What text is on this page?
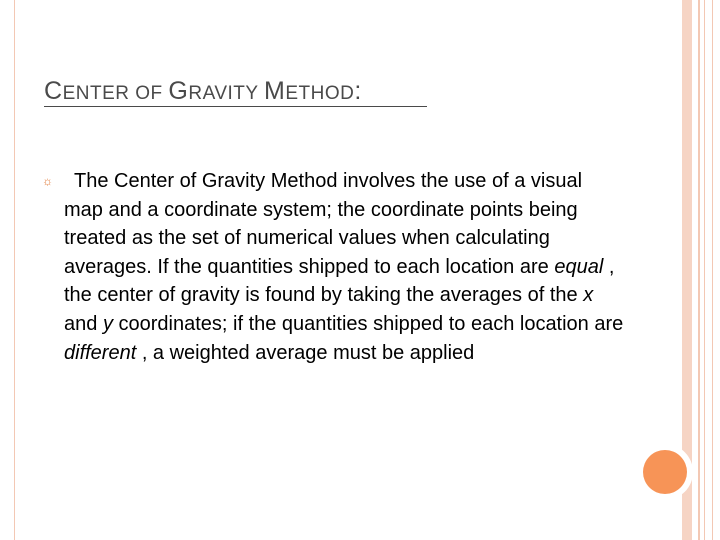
CENTER OF GRAVITY METHOD:
☼	The Center of Gravity Method involves the use of a visual map and a coordinate system; the coordinate points being treated as the set of numerical values when calculating averages. If the quantities shipped to each location are equal , the center of gravity is found by taking the averages of the x and y coordinates; if the quantities shipped to each location are different , a weighted average must be applied
